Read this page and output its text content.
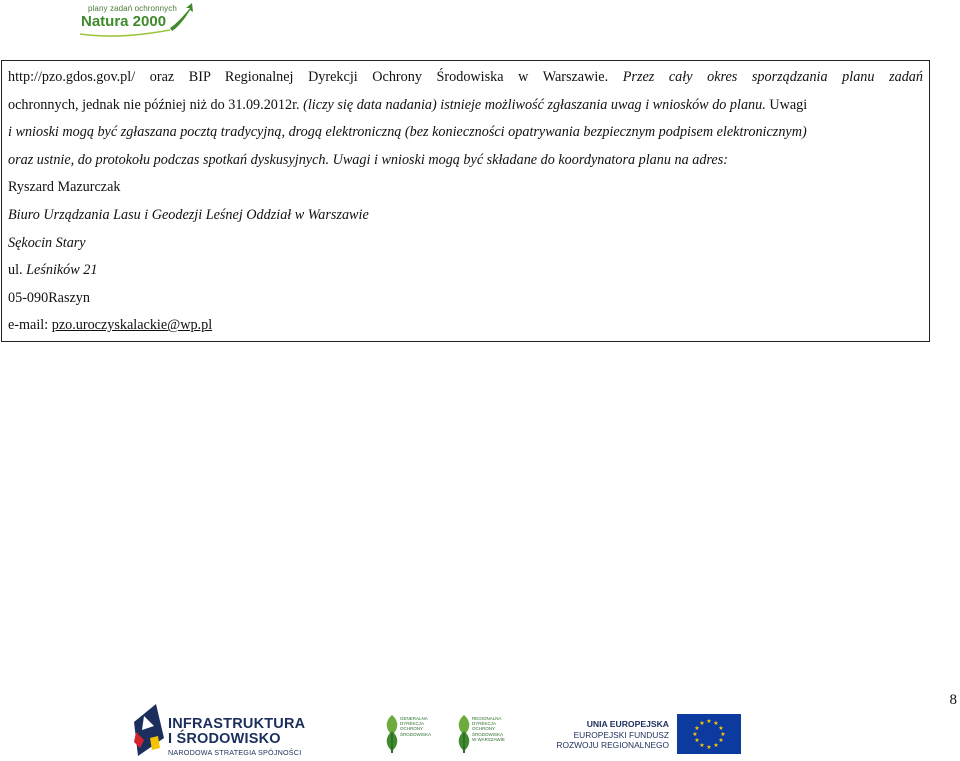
plany zadań ochronnych
Natura 2000
http://pzo.gdos.gov.pl/ oraz BIP Regionalnej Dyrekcji Ochrony Środowiska w Warszawie. Przez cały okres sporządzania planu zadań
ochronnych, jednak nie później niż do 31.09.2012r. (liczy się data nadania) istnieje możliwość zgłaszania uwag i wniosków do planu. Uwagi
i wnioski mogą być zgłaszana pocztą tradycyjną, drogą elektroniczną (bez konieczności opatrywania bezpiecznym podpisem elektronicznym)
oraz ustnie, do protokołu podczas spotkań dyskusyjnych. Uwagi i wnioski mogą być składane do koordynatora planu na adres:
Ryszard Mazurczak
Biuro Urządzania Lasu i Geodezji Leśnej Oddział w Warszawie
Sękocin Stary
ul. Leśników 21
05-090Raszyn
e-mail: pzo.uroczyskalackie@wp.pl
8
INFRASTRUKTURA
I ŚRODOWISKO
NARODOWA STRATEGIA SPÓJNOŚCI
GENERALNA DYREKCJA OCHRONY ŚRODOWISKA
REGIONALNA DYREKCJA OCHRONY ŚRODOWISKA W WARSZAWIE
UNIA EUROPEJSKA
EUROPEJSKI FUNDUSZ
ROZWOJU REGIONALNEGO
★ ★
★
★
★
★
★
★
★
★
★
★
